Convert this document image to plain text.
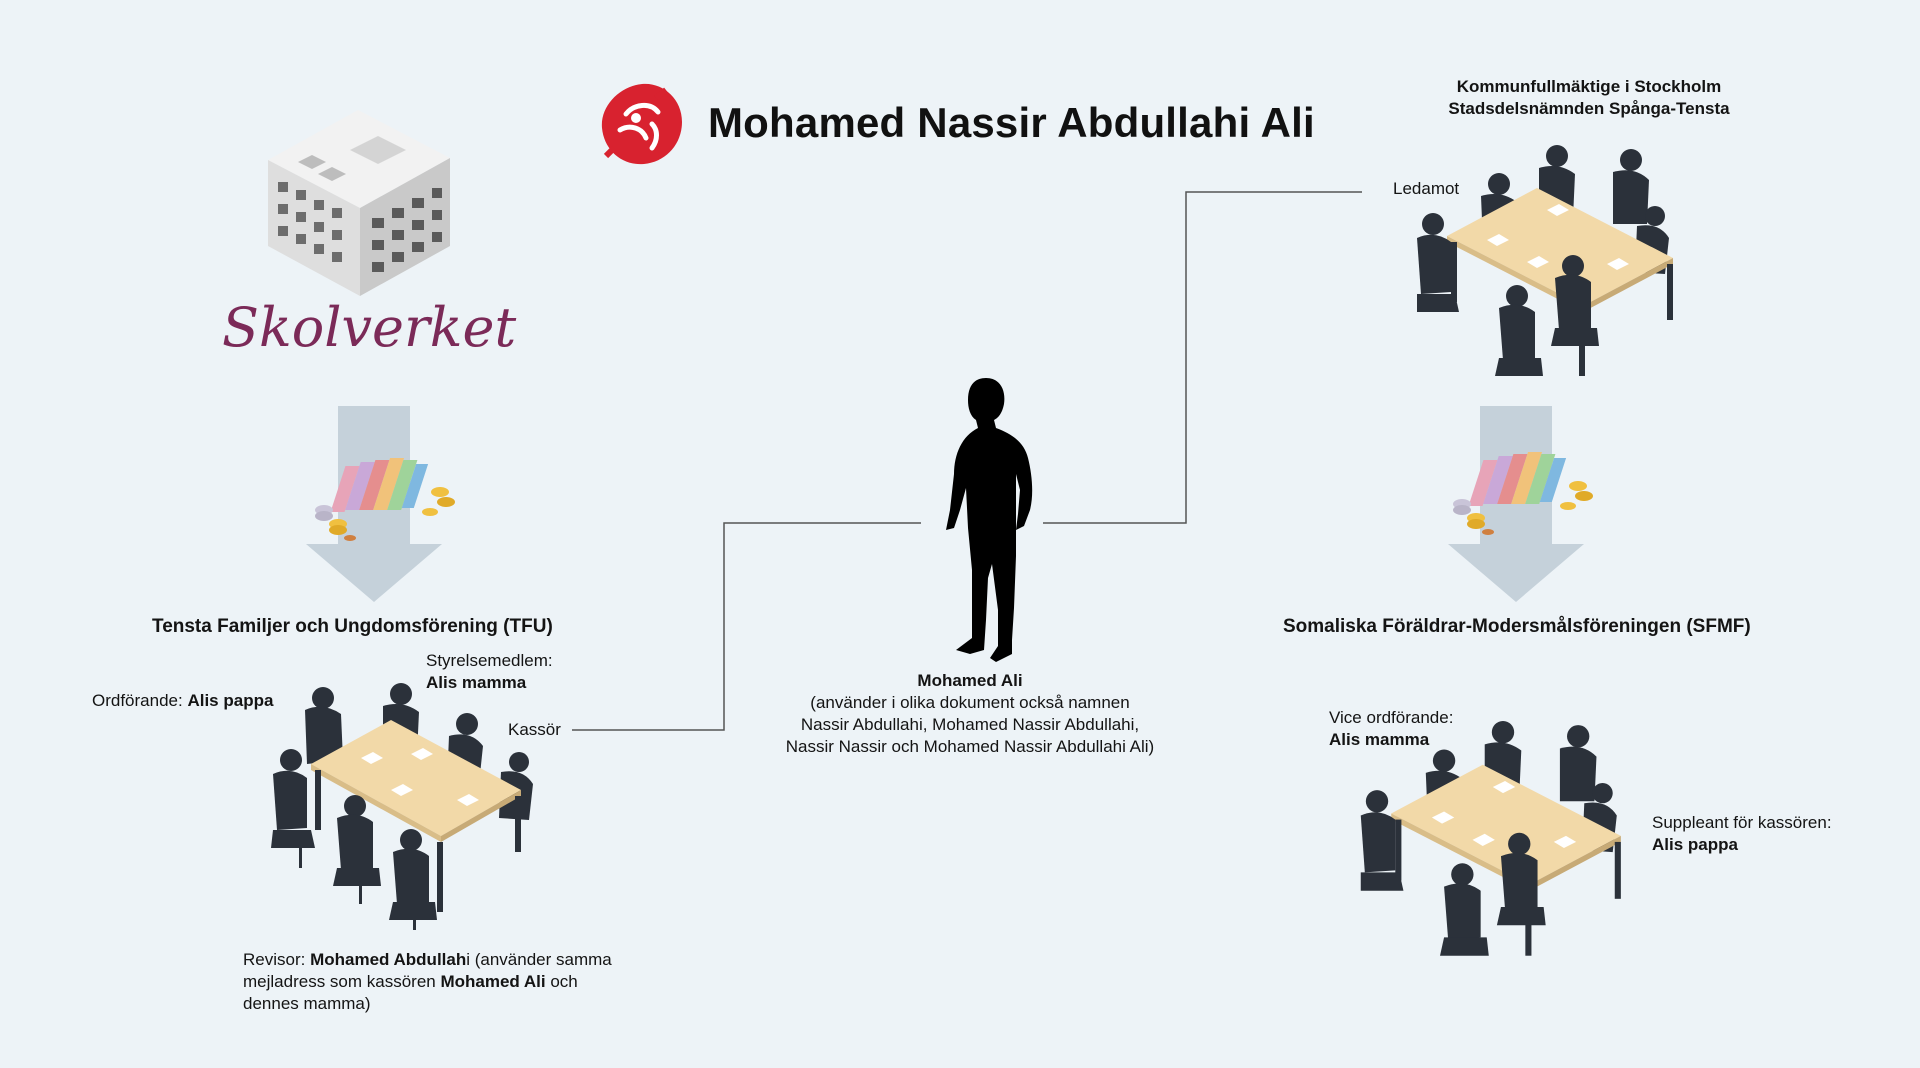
Mohamed Nassir Abdullahi Ali
Skolverket
Tensta Familjer och Ungdomsförening (TFU)
Ordförande: Alis pappa
Styrelsemedlem:
Alis mamma
Kassör
Revisor: Mohamed Abdullahi (använder samma
mejladress som kassören Mohamed Ali och
dennes mamma)
Mohamed Ali
(använder i olika dokument också namnen
Nassir Abdullahi, Mohamed Nassir Abdullahi,
Nassir Nassir och Mohamed Nassir Abdullahi Ali)
Kommunfullmäktige i Stockholm
Stadsdelsnämnden Spånga-Tensta
Ledamot
Somaliska Föräldrar-Modersmålsföreningen (SFMF)
Vice ordförande:
Alis mamma
Suppleant för kassören:
Alis pappa
